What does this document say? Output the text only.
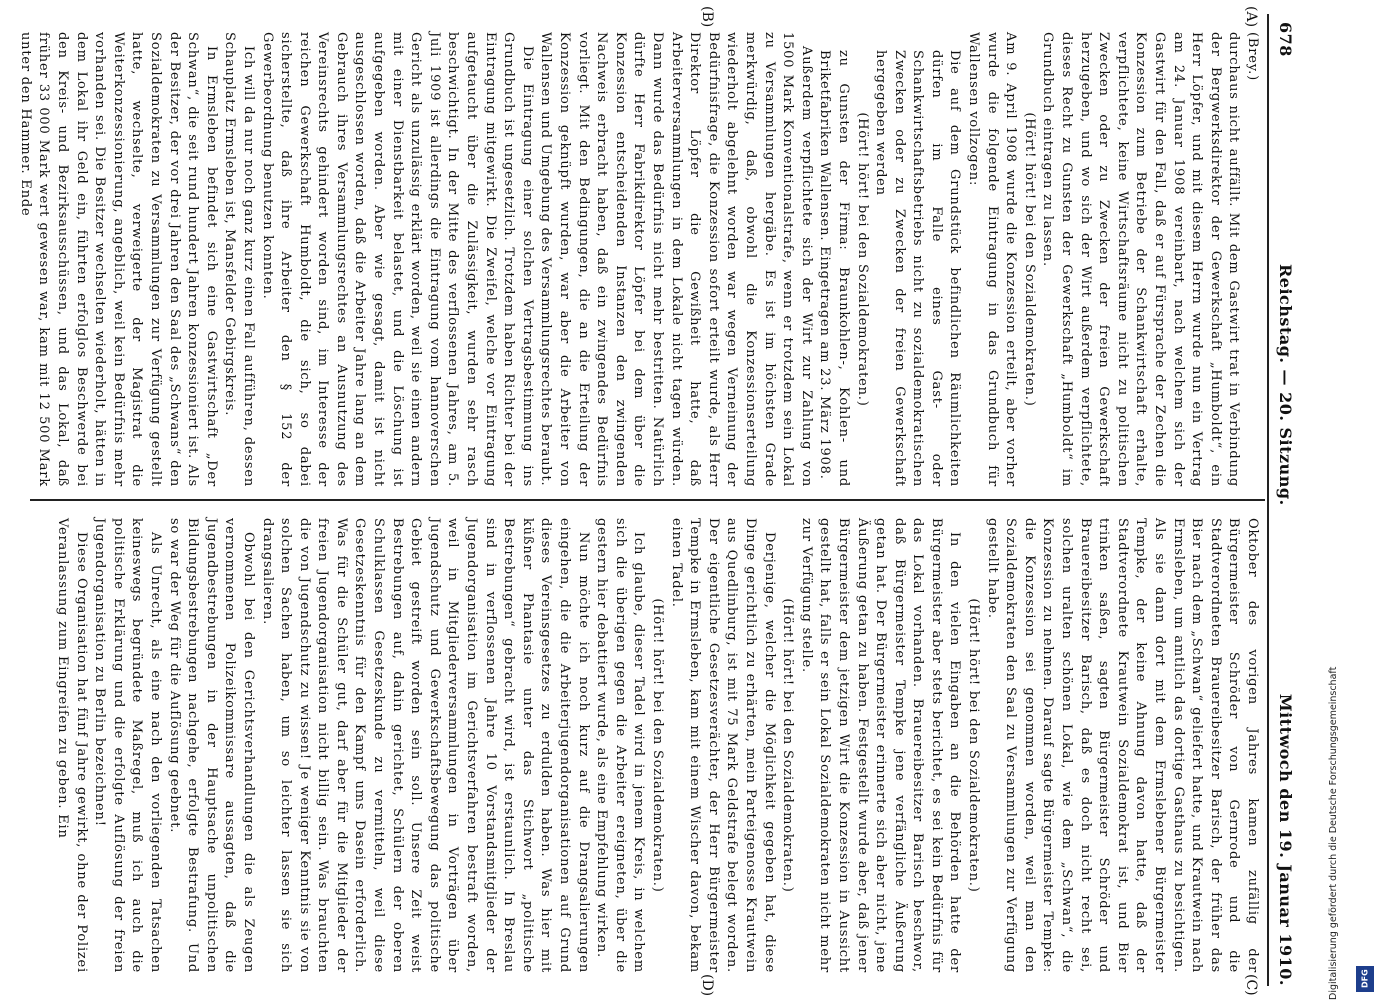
678
Reichstag. — 20. Sitzung.
Mittwoch den 19. Januar 1910.
(A)
(B)
(C)
(D)

(Brey.)

durchaus nicht auffällt. Mit dem Gastwirt trat in Verbindung der Bergwerksdirektor der Gewerkschaft „Humboldt“, ein Herr Löpfer, und mit diesem Herrn wurde nun ein Vertrag am 24. Januar 1908 vereinbart, nach welchem sich der Gastwirt für den Fall, daß er auf Fürsprache der Zechen die Konzession zum Betriebe der Schankwirtschaft erhalte, verpflichtete, keine Wirtschaftsräume nicht zu politischen Zwecken oder zu Zwecken der freien Gewerkschaft herzugeben, und wo sich der Wirt außerdem verpflichtete, dieses Recht zu Gunsten der Gewerkschaft „Humboldt“ im Grundbuch eintragen zu lassen.

(Hört! hört! bei den Sozialdemokraten.)

Am 9. April 1908 wurde die Konzession erteilt, aber vorher wurde die folgende Eintragung in das Grundbuch für Wallensen vollzogen:

Die auf dem Grundstück befindlichen Räumlichkeiten dürfen im Falle eines Gast- oder Schankwirtschaftsbetriebs nicht zu sozialdemokratischen Zwecken oder zu Zwecken der freien Gewerkschaft hergegeben werden

(Hört! hört! bei den Sozialdemokraten.)

zu Gunsten der Firma: Braunkohlen-, Kohlen- und Briketfabriken Wallensen. Eingetragen am 23. März 1908.

Außerdem verpflichtete sich der Wirt zur Zahlung von 1500 Mark Konventionalstrafe, wenn er trotzdem sein Lokal zu Versammlungen hergäbe. Es ist im höchsten Grade merkwürdig, daß, obwohl die Konzessionserteilung wiederholt abgelehnt worden war wegen Verneinung der Bedürfnisfrage, die Konzession sofort erteilt wurde, als Herr Direktor Löpfer die Gewißheit hatte, daß Arbeiterversammlungen in dem Lokale nicht tagen würden. Dann wurde das Bedürfnis nicht mehr bestritten. Natürlich dürfte Herr Fabrikdirektor Löpfer bei dem über die Konzession entscheidenden Instanzen den zwingenden Nachweis erbracht haben, daß ein zwingendes Bedürfnis vorliegt. Mit den Bedingungen, die an die Erteilung der Konzession geknüpft wurden, war aber die Arbeiter von Wallensen und Umgebung des Versammlungsrechtes beraubt.

Die Eintragung einer solchen Vertragsbestimmung ins Grundbuch ist ungesetzlich. Trotzdem haben Richter bei der Eintragung mitgewirkt. Die Zweifel, welche vor Eintragung aufgetaucht über die Zulässigkeit, wurden sehr rasch beschwichtigt. In der Mitte des verflossenen Jahres, am 5. Juli 1909 ist allerdings die Eintragung vom hannoverschen Gericht als unzulässig erklärt worden, weil sie einen andern mit einer Dienstbarkeit belastet, und die Löschung ist aufgegeben worden. Aber wie gesagt, damit ist nicht ausgeschlossen worden, daß die Arbeiter Jahre lang an dem Gebrauch ihres Versammlungsrechtes an Ausnutzung des Vereinsrechts gehindert worden sind, im Interesse der reichen Gewerkschaft Humboldt, die sich, so dabei sicherstellte, daß ihre Arbeiter den § 152 der Gewerbeordnung benutzen konnten.

Ich will da nur noch ganz kurz einen Fall aufführen, dessen Schauplatz Ermsleben ist, Mansfelder Gebirgskreis.

In Ermsleben befindet sich eine Gastwirtschaft „Der Schwan“, die seit rund hundert Jahren konzessioniert ist. Als der Besitzer, der vor drei Jahren den Saal des „Schwans“ den Sozialdemokraten zu Versammlungen zur Verfügung gestellt hatte, wechselte, verweigerte der Magistrat die Weiterkonzessionierung, angeblich, weil kein Bedürfnis mehr vorhanden sei. Die Besitzer wechselten wiederholt, hätten in dem Lokal ihr Geld ein, führten erfolglos Beschwerde bei den Kreis- und Bezirksausschüssen, und das Lokal, daß früher 33 000 Mark wert gewesen war, kam mit 12 500 Mark unter den Hammer. Ende

Oktober des vorigen Jahres kamen zufällig der Bürgermeister Schröder von Gernrode und die Stadtverordneten Brauereibesitzer Barisch, der früher das Bier nach dem „Schwan“ geliefert hatte, und Krautwein nach Ermsleben, um amtlich das dortige Gasthaus zu besichtigen. Als sie dann dort mit dem Ermslebener Bürgermeister Tempke, der keine Ahnung davon hatte, daß der Stadtverordnete Krautwein Sozialdemokrat ist, und Bier trinken saßen, sagten Bürgermeister Schröder und Brauereibesitzer Barisch, daß es doch nicht recht sei, solchen uralten schönen Lokal, wie dem „Schwan“, die Konzession zu nehmen. Darauf sagte Bürgermeister Tempke: die Konzession sei genommen worden, weil man den Sozialdemokraten den Saal zu Versammlungen zur Verfügung gestellt habe.

(Hört! hört! bei den Sozialdemokraten.)

In den vielen Eingaben an die Behörden hatte der Bürgermeister aber stets berichtet, es sei kein Bedürfnis für das Lokal vorhanden. Brauereibesitzer Barisch beschwor, daß Bürgermeister Tempke jene verfängliche Äußerung getan hat. Der Bürgermeister erinnerte sich aber nicht, jene Äußerung getan zu haben. Festgestellt wurde aber, daß jener Bürgermeister dem jetzigen Wirt die Konzession in Aussicht gestellt hat, falls er sein Lokal Sozialdemokraten nicht mehr zur Verfügung stelle.

(Hört! hört! bei den Sozialdemokraten.)

Derjenige, welcher die Möglichkeit gegeben hat, diese Dinge gerichtlich zu erhärten, mein Parteigenosse Krautwein aus Quedlinburg, ist mit 75 Mark Geldstrafe belegt worden. Der eigentliche Gesetzesverächter, der Herr Bürgermeister Tempke in Ermsleben, kam mit einem Wischer davon, bekam einen Tadel.

(Hört! hört! bei den Sozialdemokraten.)

Ich glaube, dieser Tadel wird in jenem Kreis, in welchem sich die überigen gegen die Arbeiter ereigneten, über die gestern hier debattiert wurde, als eine Empfehlung wirken.

Nun möchte ich noch kurz auf die Drangsalierungen eingehen, die die Arbeiterjugendorganisationen auf Grund dieses Vereinsgesetzes zu erdulden haben. Was hier mit küßner Phantasie unter das Stichwort „politische Bestrebungen“ gebracht wird, ist erstaunlich. In Breslau sind in verflossenen Jahre 10 Vorstandsmitglieder der Jugendorganisation im Gerichtsverfahren bestraft worden, weil in Mitgliederversammlungen in Vorträgen über Jugendschutz und Gewerkschaftsbewegung das politische Gebiet gestreift worden sein soll. Unsere Zeit weist Bestrebungen auf, dahin gerichtet, Schülern der oberen Schulklassen Gesetzeskunde zu vermitteln, weil diese Gesetzeskenntnis für den Kampf ums Dasein erforderlich. Was für die Schüler gut, darf aber für die Mitglieder der freien Jugendorganisation nicht billig sein. Was brauchten die von Jugendschutz zu wissen! Je weniger Kenntnis sie von solchen Sachen haben, um so leichter lassen sie sich drangsalieren.

Obwohl bei den Gerichtsverhandlungen die als Zeugen vernommenen Polizeikommissare aussagten, daß die Jugendbestrebungen in der Hauptsache unpolitischen Bildungsbestrebungen nachgehe, erfolgte Bestrafung. Und so war der Weg für die Auflösung geebnet.

Als Unrecht, als eine nach den vorliegenden Tatsachen keineswegs begründete Maßregel, muß ich auch die politische Erklärung und die erfolgte Auflösung der freien Jugendorganisation zu Berlin bezeichnen!

Diese Organisation hat fünf Jahre gewirkt, ohne der Polizei Veranlassung zum Eingreifen zu geben. Ein	Digitalisierung gefördert durch die Deutsche Forschungsgemeinschaft	DFG
